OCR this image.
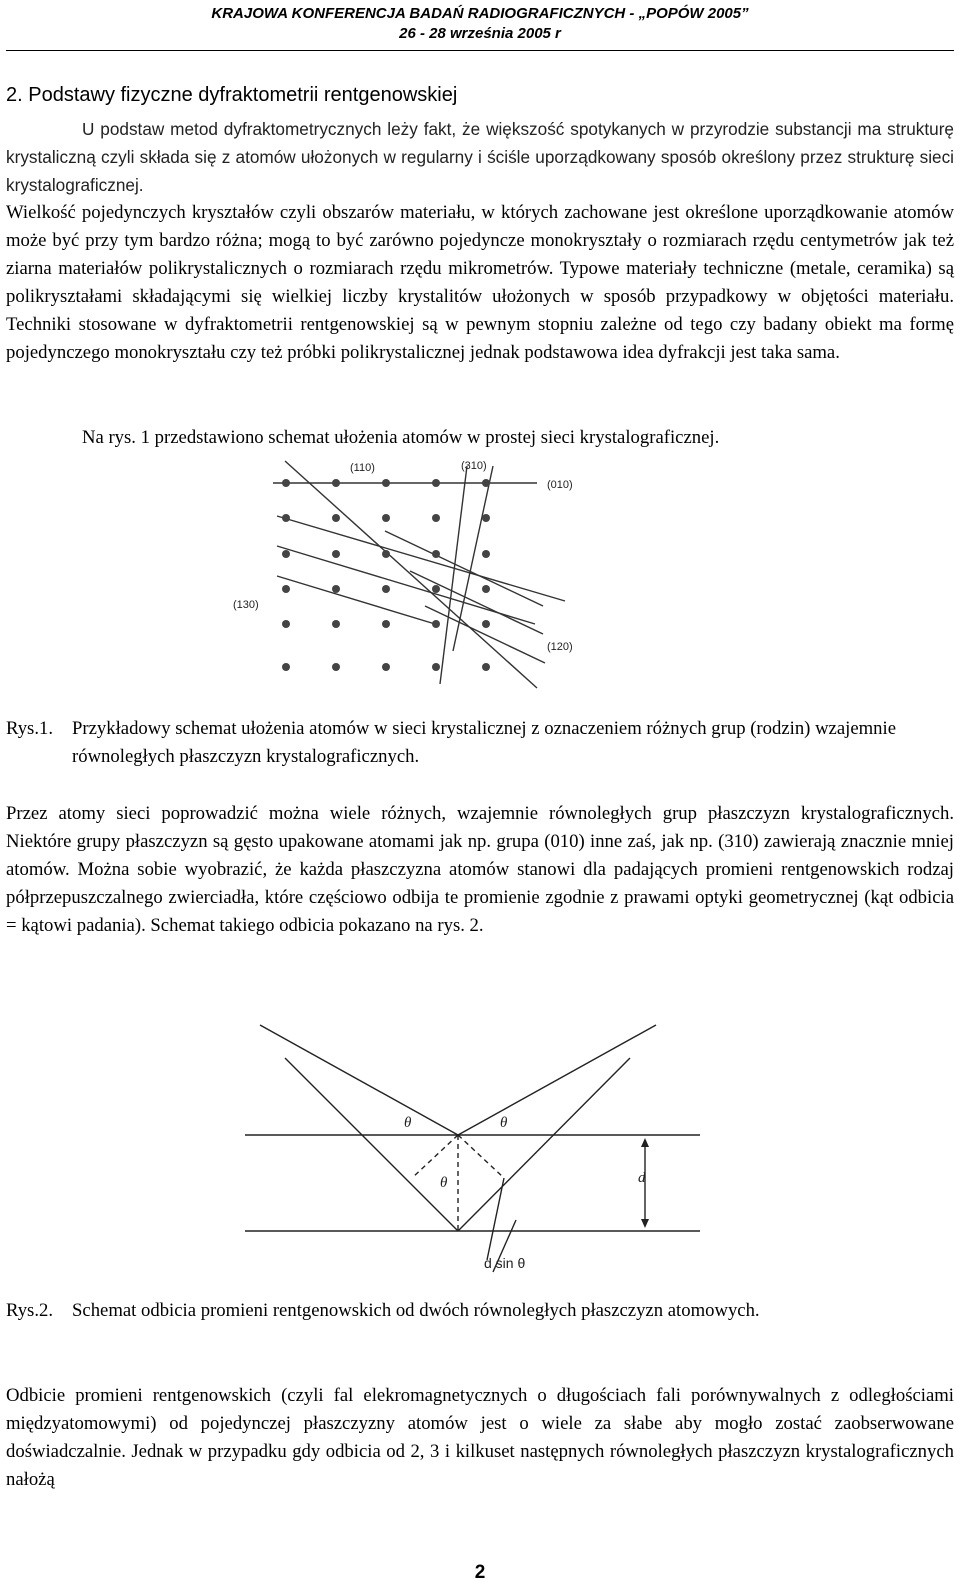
KRAJOWA KONFERENCJA BADAŃ RADIOGRAFICZNYCH - „POPÓW 2005”
26 - 28 września 2005 r
2. Podstawy fizyczne dyfraktometrii rentgenowskiej

U podstaw metod dyfraktometrycznych leży fakt, że większość spotykanych w przyrodzie substancji ma strukturę krystaliczną czyli składa się z atomów ułożonych w regularny i ściśle uporządkowany sposób określony przez strukturę sieci krystalograficznej.

Wielkość pojedynczych kryształów czyli obszarów materiału, w których zachowane jest określone uporządkowanie atomów może być przy tym bardzo różna; mogą to być zarówno pojedyncze monokryształy o rozmiarach rzędu centymetrów jak też ziarna materiałów polikrystalicznych o rozmiarach rzędu mikrometrów. Typowe materiały techniczne (metale, ceramika) są polikryształami składającymi się wielkiej liczby krystalitów ułożonych w sposób przypadkowy w objętości materiału. Techniki stosowane w dyfraktometrii rentgenowskiej są w pewnym stopniu zależne od tego czy badany obiekt ma formę pojedynczego monokryształu czy też próbki polikrystalicznej jednak podstawowa idea dyfrakcji jest taka sama.

Na rys. 1 przedstawiono schemat ułożenia atomów w prostej sieci krystalograficznej.

(110)	(310)
(010)
(130)
(120)
Rys.1. Przykładowy schemat ułożenia atomów w sieci krystalicznej z oznaczeniem różnych grup (rodzin) wzajemnie równoległych płaszczyzn krystalograficznych.

Przez atomy sieci poprowadzić można wiele różnych, wzajemnie równoległych grup płaszczyzn krystalograficznych. Niektóre grupy płaszczyzn są gęsto upakowane atomami jak np. grupa (010) inne zaś, jak np. (310) zawierają znacznie mniej atomów. Można sobie wyobrazić, że każda płaszczyzna atomów stanowi dla padających promieni rentgenowskich rodzaj półprzepuszczalnego zwierciadła, które częściowo odbija te promienie zgodnie z prawami optyki geometrycznej (kąt odbicia = kątowi padania). Schemat takiego odbicia pokazano na rys. 2.

θ	θ
θ	d
d sin θ
Rys.2. Schemat odbicia promieni rentgenowskich od dwóch równoległych płaszczyzn atomowych.

Odbicie promieni rentgenowskich (czyli fal elekromagnetycznych o długościach fali porównywalnych z odległościami międzyatomowymi) od pojedynczej płaszczyzny atomów jest o wiele za słabe aby mogło zostać zaobserwowane doświadczalnie. Jednak w przypadku gdy odbicia od 2, 3 i kilkuset następnych równoległych płaszczyzn krystalograficznych nałożą

2
